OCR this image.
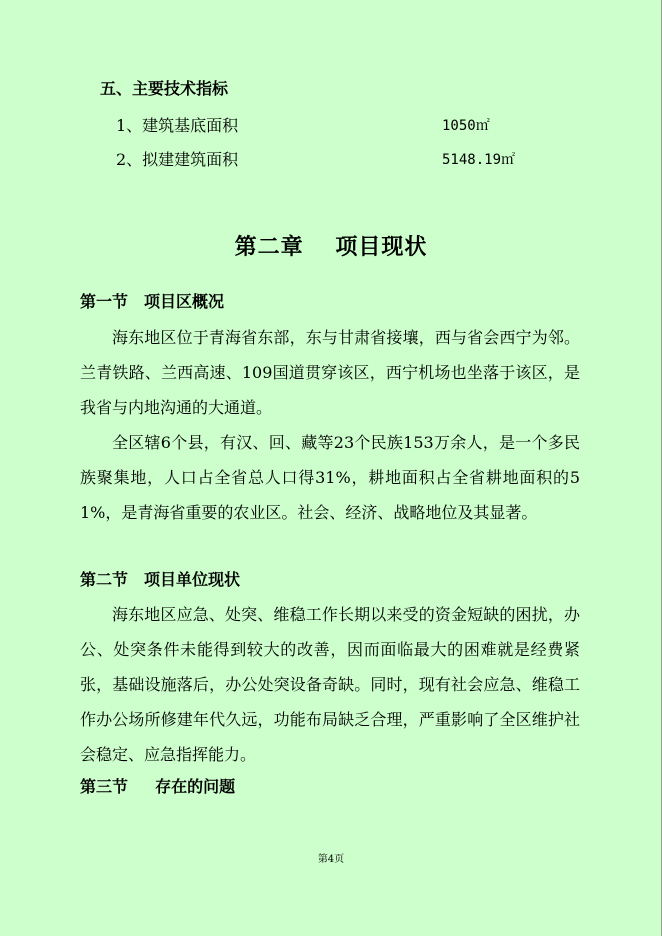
五、主要技术指标
1、建筑基底面积	1050㎡
2、拟建建筑面积	5148.19㎡
第二章　 项目现状
第一节　项目区概况

海东地区位于青海省东部，东与甘肃省接壤，西与省会西宁为邻。兰青铁路、兰西高速、109国道贯穿该区，西宁机场也坐落于该区，是我省与内地沟通的大通道。

全区辖6个县，有汉、回、藏等23个民族153万余人，是一个多民族聚集地，人口占全省总人口得31%，耕地面积占全省耕地面积的51%，是青海省重要的农业区。社会、经济、战略地位及其显著。

第二节　项目单位现状

海东地区应急、处突、维稳工作长期以来受的资金短缺的困扰，办公、处突条件未能得到较大的改善，因而面临最大的困难就是经费紧张，基础设施落后，办公处突设备奇缺。同时，现有社会应急、维稳工作办公场所修建年代久远，功能布局缺乏合理，严重影响了全区维护社会稳定、应急指挥能力。

第三节　  存在的问题
第4页
